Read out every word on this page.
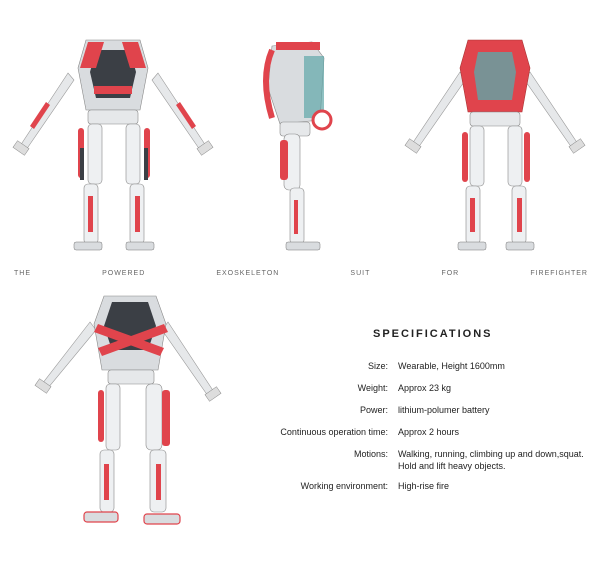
THE	POWERED	EXOSKELETON	SUIT	FOR	FIREFIGHTER
SPECIFICATIONS
Size: Wearable, Height 1600mm
Weight: Approx 23 kg
Power: lithium-polumer battery
Continuous operation time: Approx 2 hours
Motions: Walking, running, climbing up and down,squat.
Hold and lift heavy objects.
Working environment: High-rise fire
